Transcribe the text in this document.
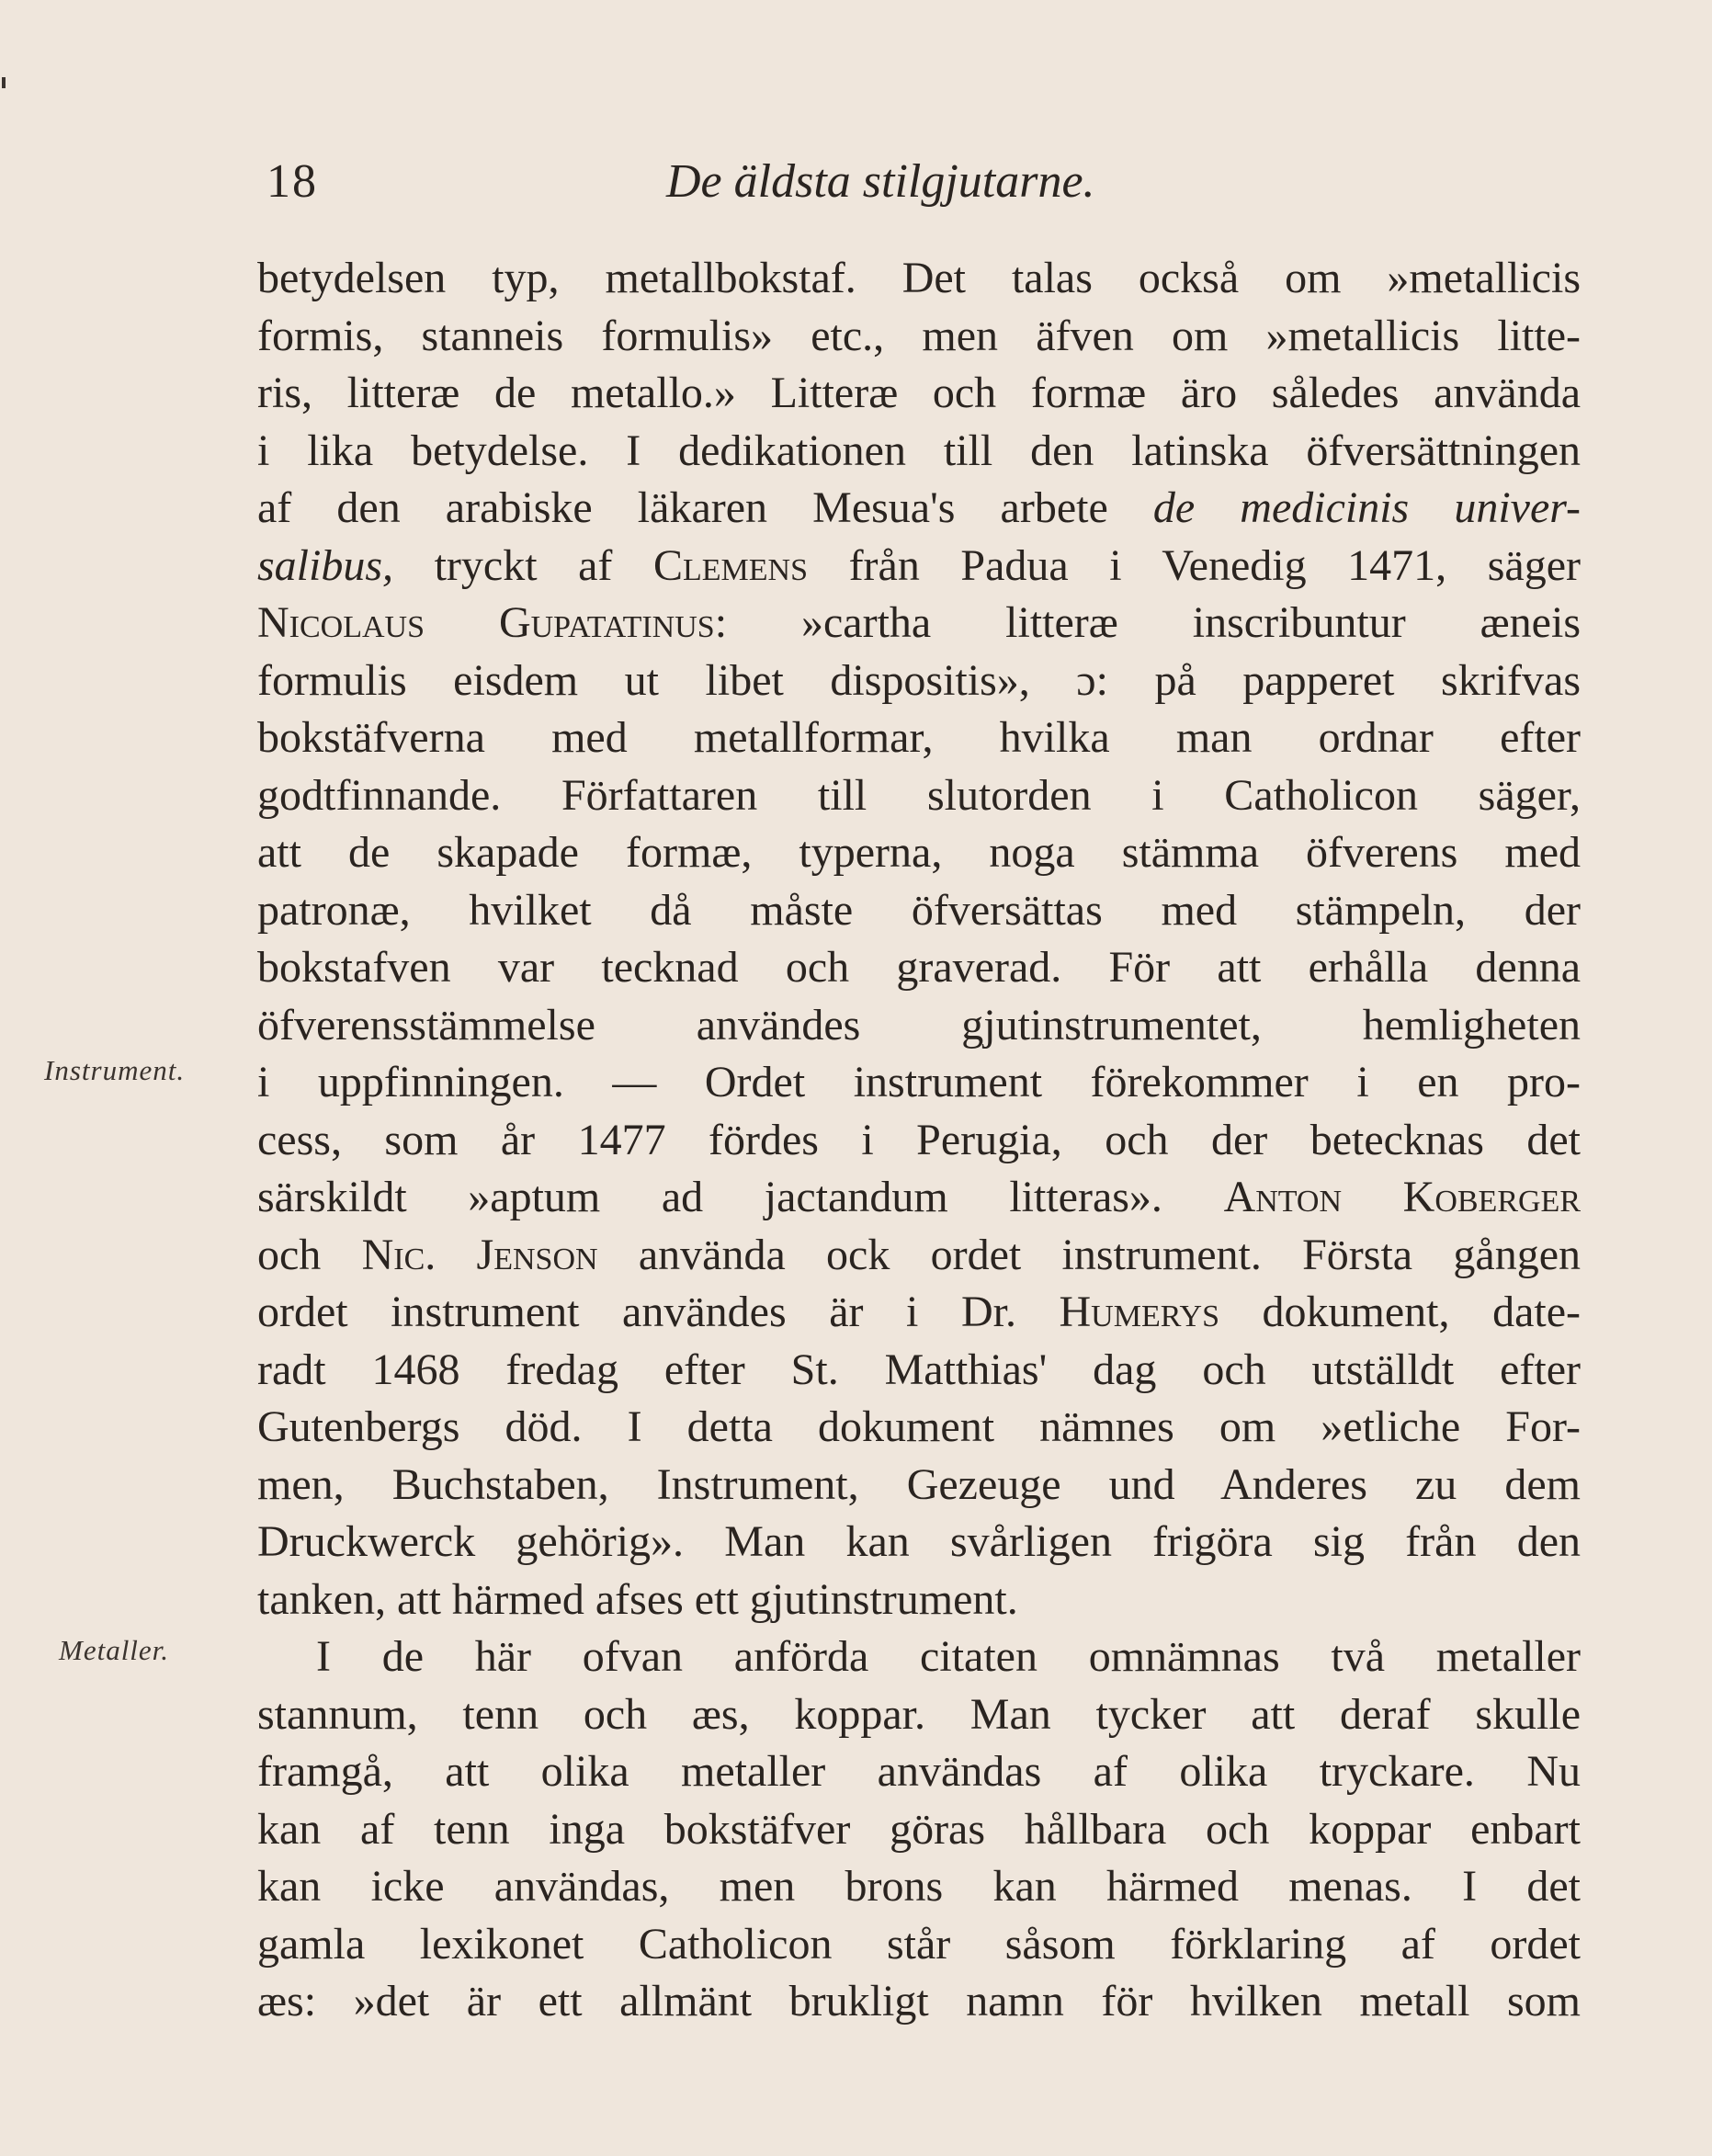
18	De äldsta stilgjutarne.
Instrument.
Metaller.
betydelsen typ, metallbokstaf. Det talas också om »metallicis
formis, stanneis formulis» etc., men äfven om »metallicis litte-
ris, litteræ de metallo.» Litteræ och formæ äro således använda
i lika betydelse. I dedikationen till den latinska öfversättningen
af den arabiske läkaren Mesua's arbete de medicinis univer-
salibus, tryckt af Clemens från Padua i Venedig 1471, säger
Nicolaus Gupatatinus: »cartha litteræ inscribuntur æneis
formulis eisdem ut libet dispositis», ɔ: på papperet skrifvas
bokstäfverna med metallformar, hvilka man ordnar efter
godtfinnande. Författaren till slutorden i Catholicon säger,
att de skapade formæ, typerna, noga stämma öfverens med
patronæ, hvilket då måste öfversättas med stämpeln, der
bokstafven var tecknad och graverad. För att erhålla denna
öfverensstämmelse användes gjutinstrumentet, hemligheten
i uppfinningen. — Ordet instrument förekommer i en pro-
cess, som år 1477 fördes i Perugia, och der betecknas det
särskildt »aptum ad jactandum litteras». Anton Koberger
och Nic. Jenson använda ock ordet instrument. Första gången
ordet instrument användes är i Dr. Humerys dokument, date-
radt 1468 fredag efter St. Matthias' dag och utställdt efter
Gutenbergs död. I detta dokument nämnes om »etliche For-
men, Buchstaben, Instrument, Gezeuge und Anderes zu dem
Druckwerck gehörig». Man kan svårligen frigöra sig från den
tanken, att härmed afses ett gjutinstrument.
I de här ofvan anförda citaten omnämnas två metaller
stannum, tenn och æs, koppar. Man tycker att deraf skulle
framgå, att olika metaller användas af olika tryckare. Nu
kan af tenn inga bokstäfver göras hållbara och koppar enbart
kan icke användas, men brons kan härmed menas. I det
gamla lexikonet Catholicon står såsom förklaring af ordet
æs: »det är ett allmänt brukligt namn för hvilken metall som
